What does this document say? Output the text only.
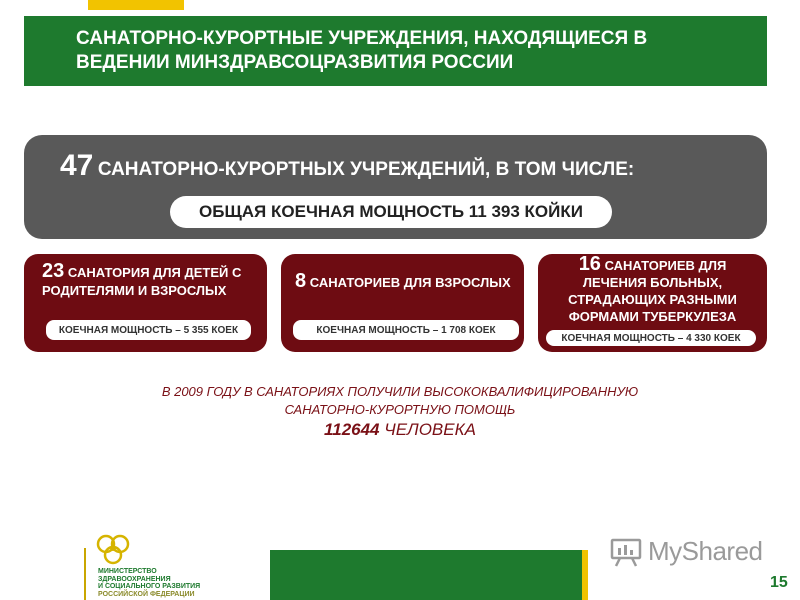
САНАТОРНО-КУРОРТНЫЕ УЧРЕЖДЕНИЯ, НАХОДЯЩИЕСЯ В
ВЕДЕНИИ МИНЗДРАВСОЦРАЗВИТИЯ РОССИИ
47 САНАТОРНО-КУРОРТНЫХ УЧРЕЖДЕНИЙ, В ТОМ ЧИСЛЕ:
ОБЩАЯ КОЕЧНАЯ МОЩНОСТЬ 11 393 КОЙКИ
23 САНАТОРИЯ ДЛЯ ДЕТЕЙ С
РОДИТЕЛЯМИ И ВЗРОСЛЫХ
КОЕЧНАЯ МОЩНОСТЬ – 5 355 КОЕК
8 САНАТОРИЕВ ДЛЯ ВЗРОСЛЫХ
КОЕЧНАЯ МОЩНОСТЬ – 1 708 КОЕК
16 САНАТОРИЕВ ДЛЯ
ЛЕЧЕНИЯ БОЛЬНЫХ,
СТРАДАЮЩИХ РАЗНЫМИ
ФОРМАМИ ТУБЕРКУЛЕЗА
КОЕЧНАЯ МОЩНОСТЬ – 4 330 КОЕК
В 2009 ГОДУ В САНАТОРИЯХ ПОЛУЧИЛИ ВЫСОКОКВАЛИФИЦИРОВАННУЮ
САНАТОРНО-КУРОРТНУЮ ПОМОЩЬ
112644 ЧЕЛОВЕКА
МИНИСТЕРСТВО
ЗДРАВООХРАНЕНИЯ
И СОЦИАЛЬНОГО РАЗВИТИЯ
РОССИЙСКОЙ ФЕДЕРАЦИИ
MyShared
15
